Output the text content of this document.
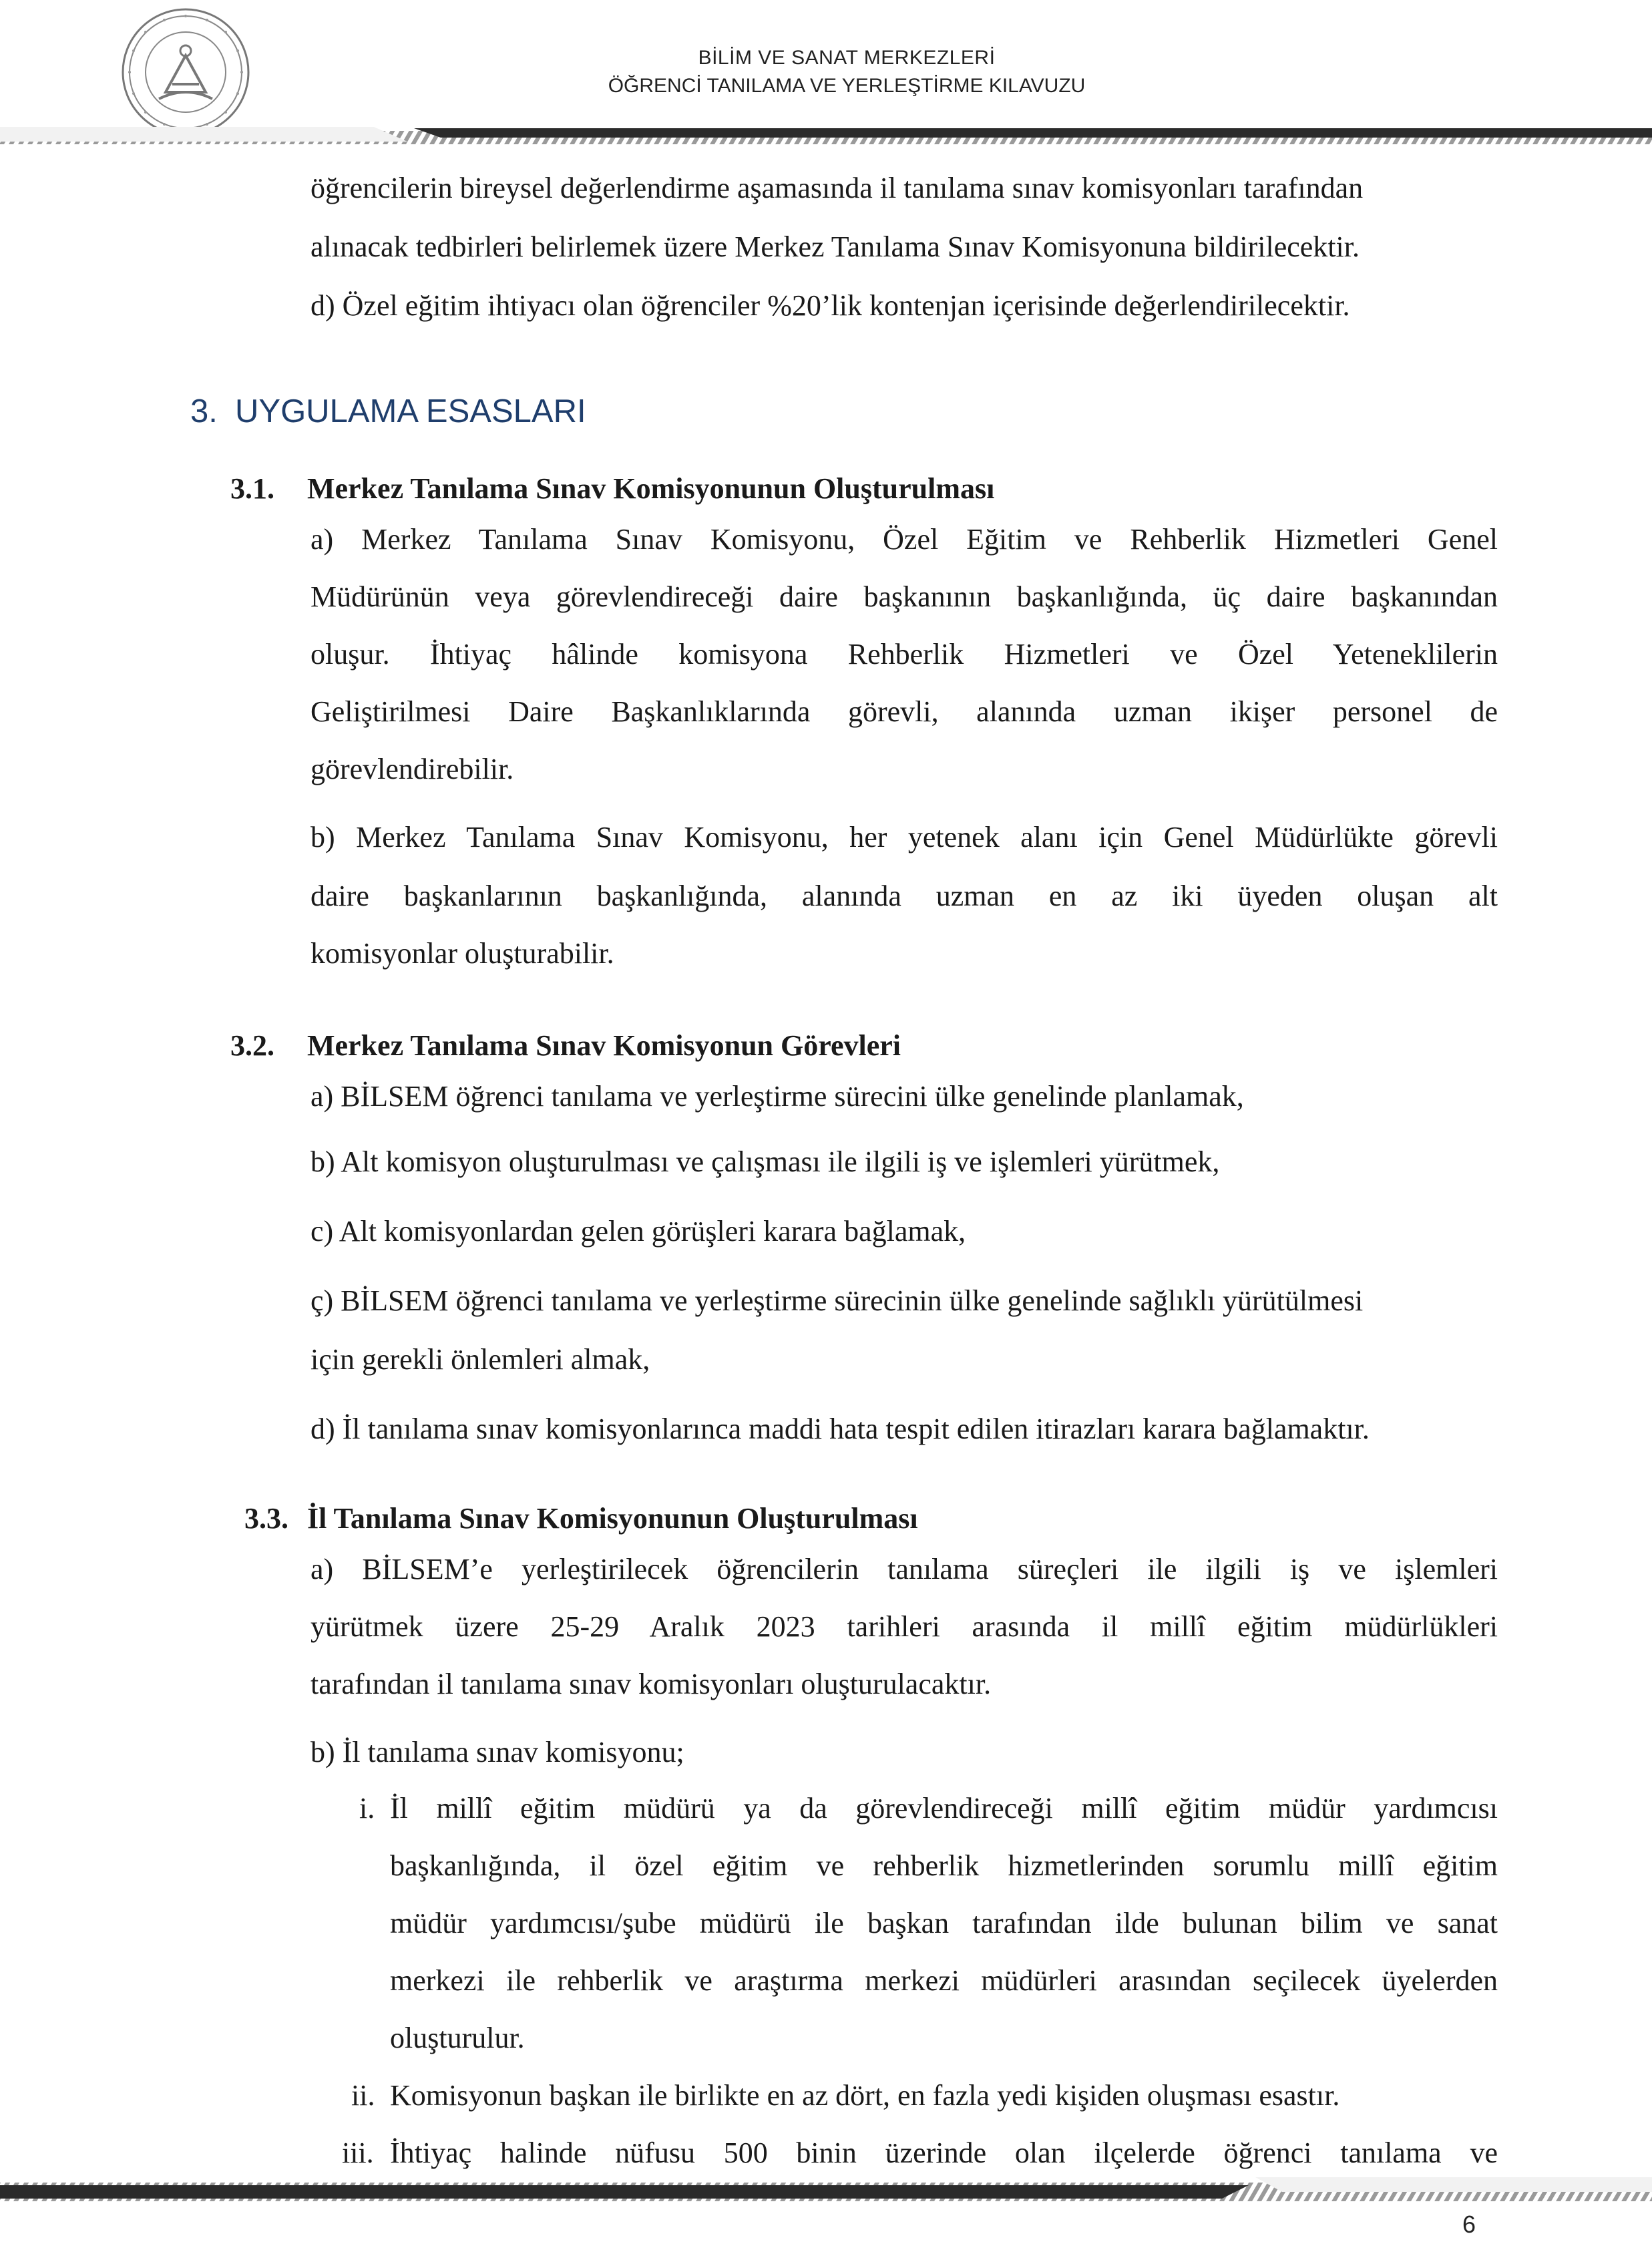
BİLİM VE SANAT MERKEZLERİ
ÖĞRENCİ TANILAMA VE YERLEŞTİRME KILAVUZU
öğrencilerin bireysel değerlendirme aşamasında il tanılama sınav komisyonları tarafından
alınacak tedbirleri belirlemek üzere Merkez Tanılama Sınav Komisyonuna bildirilecektir.
d) Özel eğitim ihtiyacı olan öğrenciler %20’lik kontenjan içerisinde değerlendirilecektir.
3. UYGULAMA ESASLARI
3.1. Merkez Tanılama Sınav Komisyonunun Oluşturulması
a) Merkez Tanılama Sınav Komisyonu, Özel Eğitim ve Rehberlik Hizmetleri Genel
Müdürünün veya görevlendireceği daire başkanının başkanlığında, üç daire başkanından
oluşur. İhtiyaç hâlinde komisyona Rehberlik Hizmetleri ve Özel Yeteneklilerin
Geliştirilmesi Daire Başkanlıklarında görevli, alanında uzman ikişer personel de
görevlendirebilir.
b) Merkez Tanılama Sınav Komisyonu, her yetenek alanı için Genel Müdürlükte görevli
daire başkanlarının başkanlığında, alanında uzman en az iki üyeden oluşan alt
komisyonlar oluşturabilir.
3.2. Merkez Tanılama Sınav Komisyonun Görevleri
a) BİLSEM öğrenci tanılama ve yerleştirme sürecini ülke genelinde planlamak,
b) Alt komisyon oluşturulması ve çalışması ile ilgili iş ve işlemleri yürütmek,
c) Alt komisyonlardan gelen görüşleri karara bağlamak,
ç) BİLSEM öğrenci tanılama ve yerleştirme sürecinin ülke genelinde sağlıklı yürütülmesi
için gerekli önlemleri almak,
d) İl tanılama sınav komisyonlarınca maddi hata tespit edilen itirazları karara bağlamaktır.
3.3. İl Tanılama Sınav Komisyonunun Oluşturulması
a) BİLSEM’e yerleştirilecek öğrencilerin tanılama süreçleri ile ilgili iş ve işlemleri
yürütmek üzere 25-29 Aralık 2023 tarihleri arasında il millî eğitim müdürlükleri
tarafından il tanılama sınav komisyonları oluşturulacaktır.
b) İl tanılama sınav komisyonu;
i. İl millî eğitim müdürü ya da görevlendireceği millî eğitim müdür yardımcısı
başkanlığında, il özel eğitim ve rehberlik hizmetlerinden sorumlu millî eğitim
müdür yardımcısı/şube müdürü ile başkan tarafından ilde bulunan bilim ve sanat
merkezi ile rehberlik ve araştırma merkezi müdürleri arasından seçilecek üyelerden
oluşturulur.
ii. Komisyonun başkan ile birlikte en az dört, en fazla yedi kişiden oluşması esastır.
iii. İhtiyaç halinde nüfusu 500 binin üzerinde olan ilçelerde öğrenci tanılama ve
6
